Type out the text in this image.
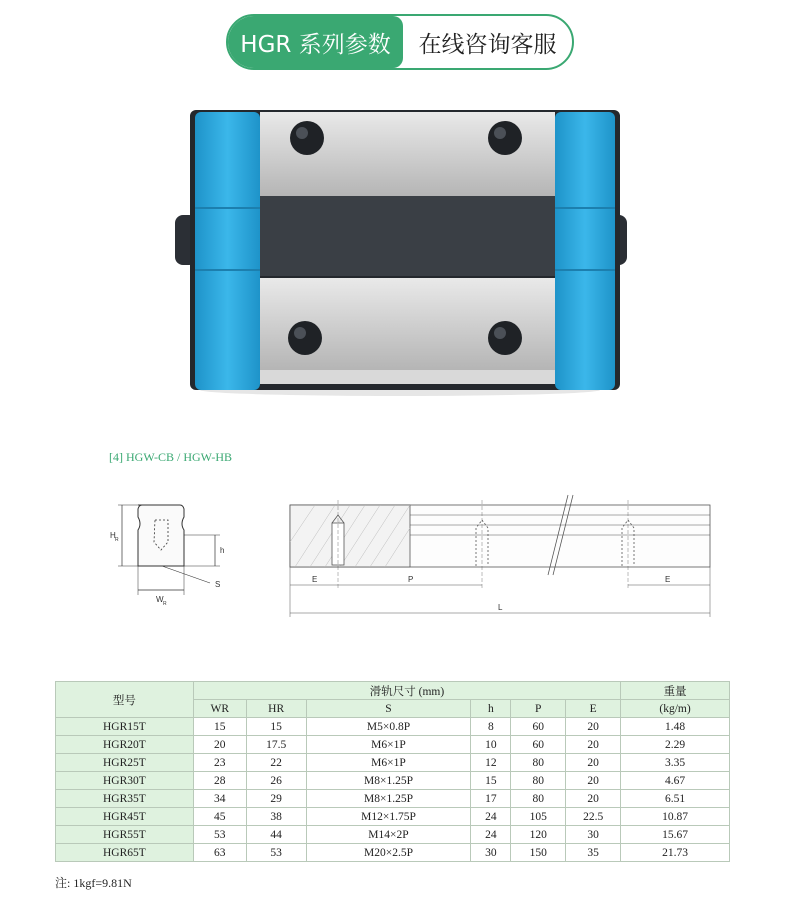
HGR 系列参数	在线咨询客服
[4] HGW-CB / HGW-HB
H R
h
W R
S
E	P	E
L
型号	滑轨尺寸 (mm)						重量
	WR	HR	S	h	P	E	(kg/m)
HGR15T	15	15	M5×0.8P	8	60	20	1.48
HGR20T	20	17.5	M6×1P	10	60	20	2.29
HGR25T	23	22	M6×1P	12	80	20	3.35
HGR30T	28	26	M8×1.25P	15	80	20	4.67
HGR35T	34	29	M8×1.25P	17	80	20	6.51
HGR45T	45	38	M12×1.75P	24	105	22.5	10.87
HGR55T	53	44	M14×2P	24	120	30	15.67
HGR65T	63	53	M20×2.5P	30	150	35	21.73
注: 1kgf=9.81N
